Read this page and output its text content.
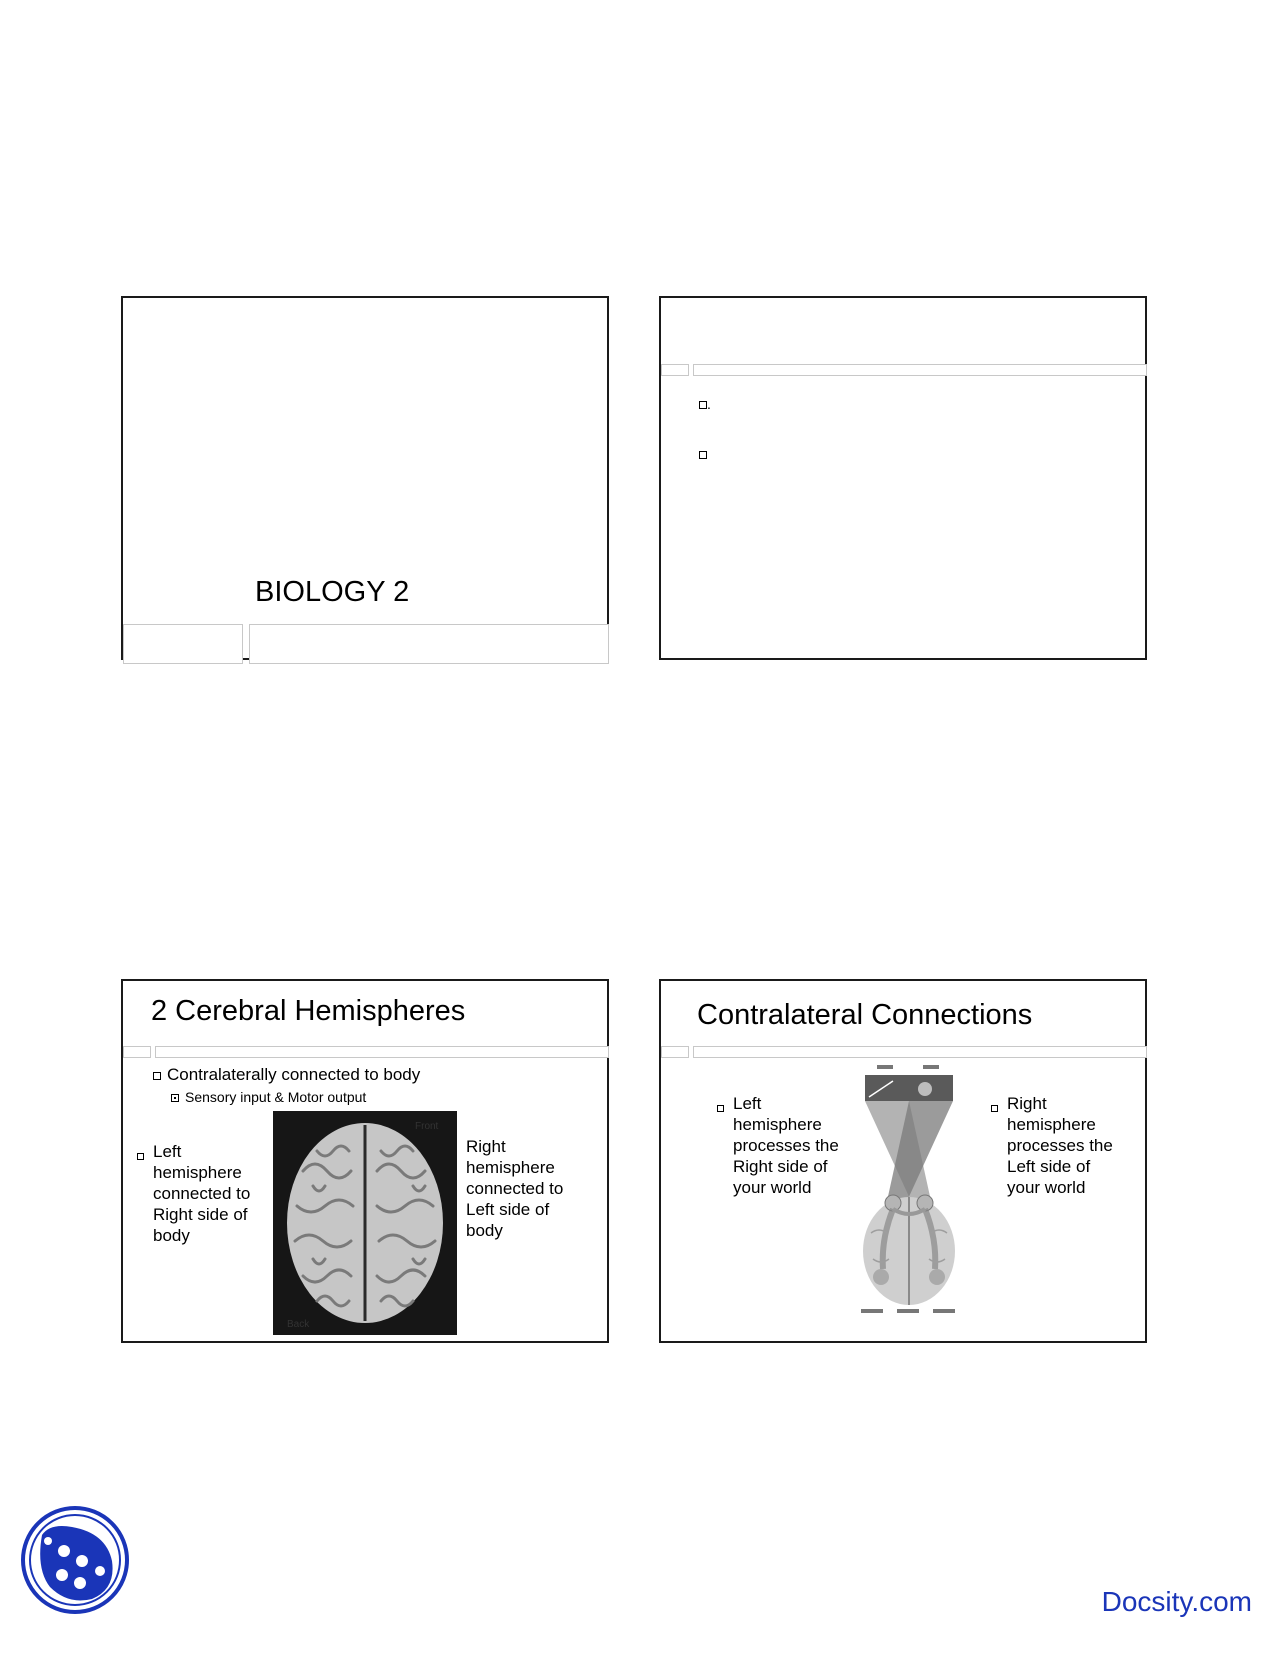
BIOLOGY 2
.
2 Cerebral Hemispheres
Contralaterally connected to body
Sensory input & Motor output
Left hemisphere connected to Right side of body
Right hemisphere connected to Left side of body
Front
Back
Contralateral Connections
Left hemisphere processes the Right side of your world
Right hemisphere processes the Left side of your world
Docsity.com
